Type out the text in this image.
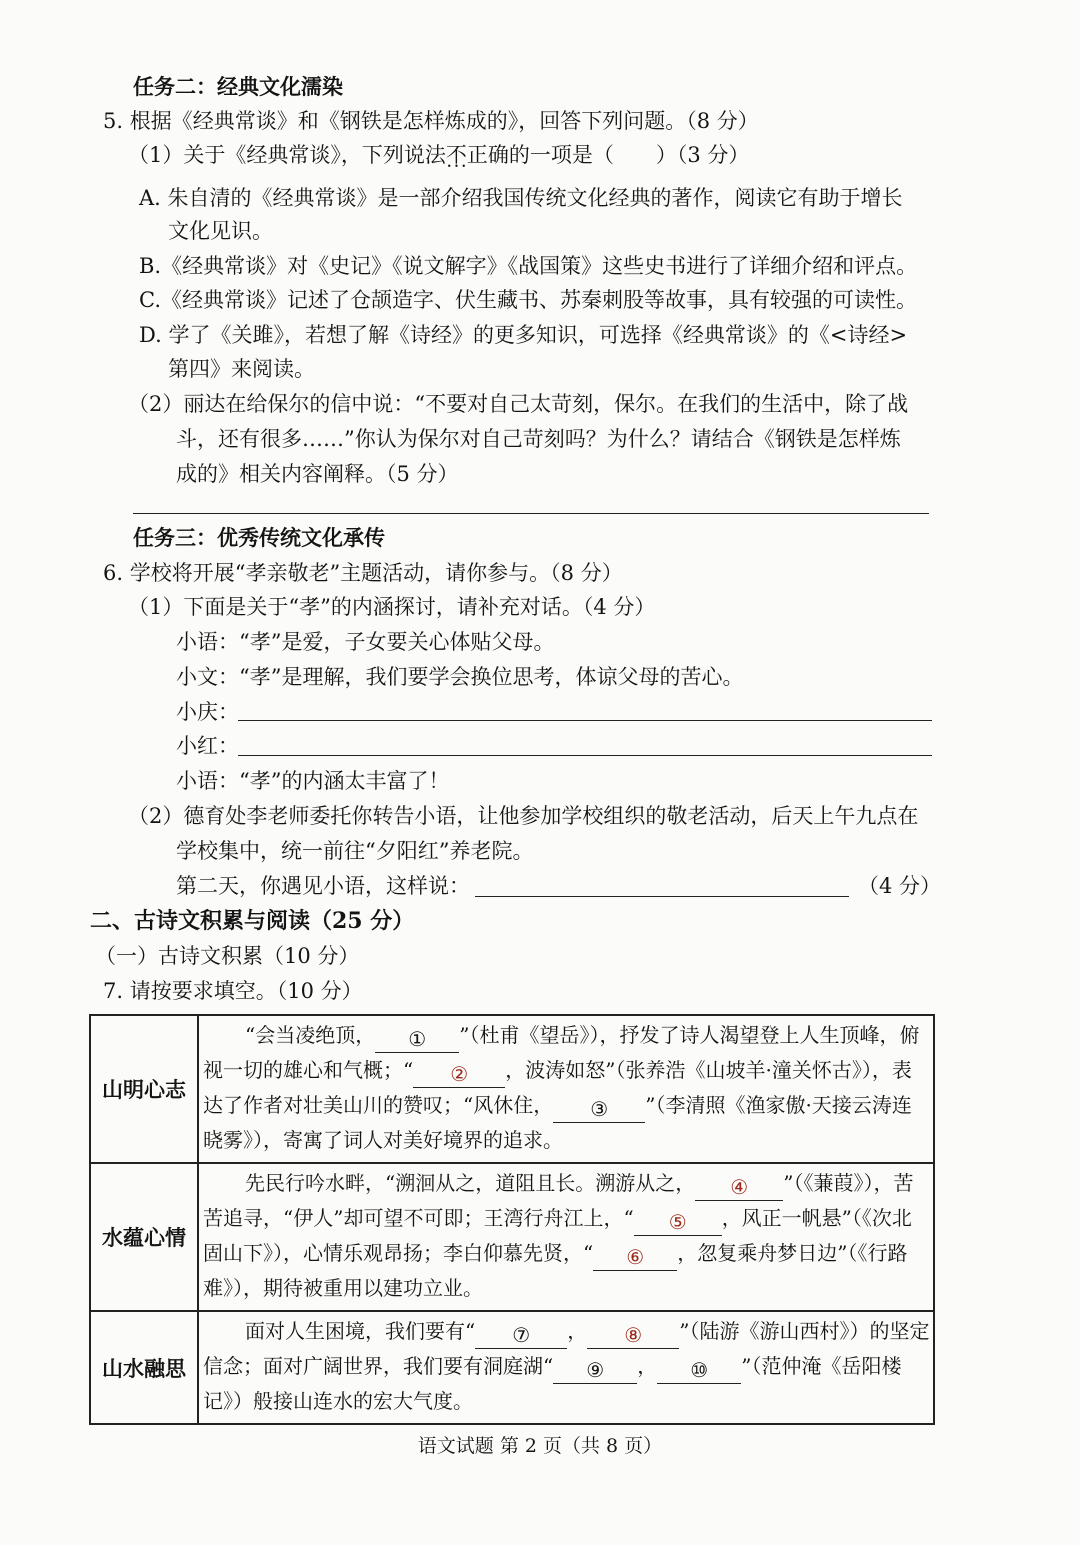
任务二：经典文化濡染
5. 根据《经典常谈》和《钢铁是怎样炼成的》，回答下列问题。（8 分）
（1）关于《经典常谈》，下列说法不正确 • • •的一项是（　　）（3 分）
A. 朱自清的《经典常谈》是一部介绍我国传统文化经典的著作，阅读它有助于增长
文化见识。
B.《经典常谈》对《史记》《说文解字》《战国策》这些史书进行了详细介绍和评点。
C.《经典常谈》记述了仓颉造字、伏生藏书、苏秦刺股等故事，具有较强的可读性。
D. 学了《关雎》，若想了解《诗经》的更多知识，可选择《经典常谈》的《<诗经>
第四》来阅读。
（2）丽达在给保尔的信中说：“不要对自己太苛刻，保尔。在我们的生活中，除了战
斗，还有很多……”你认为保尔对自己苛刻吗？为什么？请结合《钢铁是怎样炼
成的》相关内容阐释。（5 分）
任务三：优秀传统文化承传
6. 学校将开展“孝亲敬老”主题活动，请你参与。（8 分）
（1）下面是关于“孝”的内涵探讨，请补充对话。（4 分）
小语：“孝”是爱，子女要关心体贴父母。
小文：“孝”是理解，我们要学会换位思考，体谅父母的苦心。
小庆：
小红：
小语：“孝”的内涵太丰富了！
（2）德育处李老师委托你转告小语，让他参加学校组织的敬老活动，后天上午九点在
学校集中，统一前往“夕阳红”养老院。
第二天，你遇见小语，这样说：	（4 分）
二、古诗文积累与阅读（25 分）
（一）古诗文积累（10 分）
7. 请按要求填空。（10 分）
山明心志	“会当凌绝顶， ① ”（杜甫《望岳》），抒发了诗人渴望登上人生顶峰，俯视一切的雄心和气概；“ ② ，波涛如怒”（张养浩《山坡羊·潼关怀古》），表达了作者对壮美山川的赞叹；“风休住， ③ ”（李清照《渔家傲·天接云涛连晓雾》），寄寓了词人对美好境界的追求。
水蕴心情	先民行吟水畔，“溯洄从之，道阻且长。溯游从之， ④ ”（《蒹葭》），苦苦追寻，“伊人”却可望不可即；王湾行舟江上，“ ⑤ ，风正一帆悬”（《次北固山下》），心情乐观昂扬；李白仰慕先贤，“ ⑥ ，忽复乘舟梦日边”（《行路难》），期待被重用以建功立业。
山水融思	面对人生困境，我们要有“ ⑦ ， ⑧ ”（陆游《游山西村》）的坚定信念；面对广阔世界，我们要有洞庭湖“ ⑨ ， ⑩ ”（范仲淹《岳阳楼记》）般接山连水的宏大气度。
语文试题 第 2 页（共 8 页）
